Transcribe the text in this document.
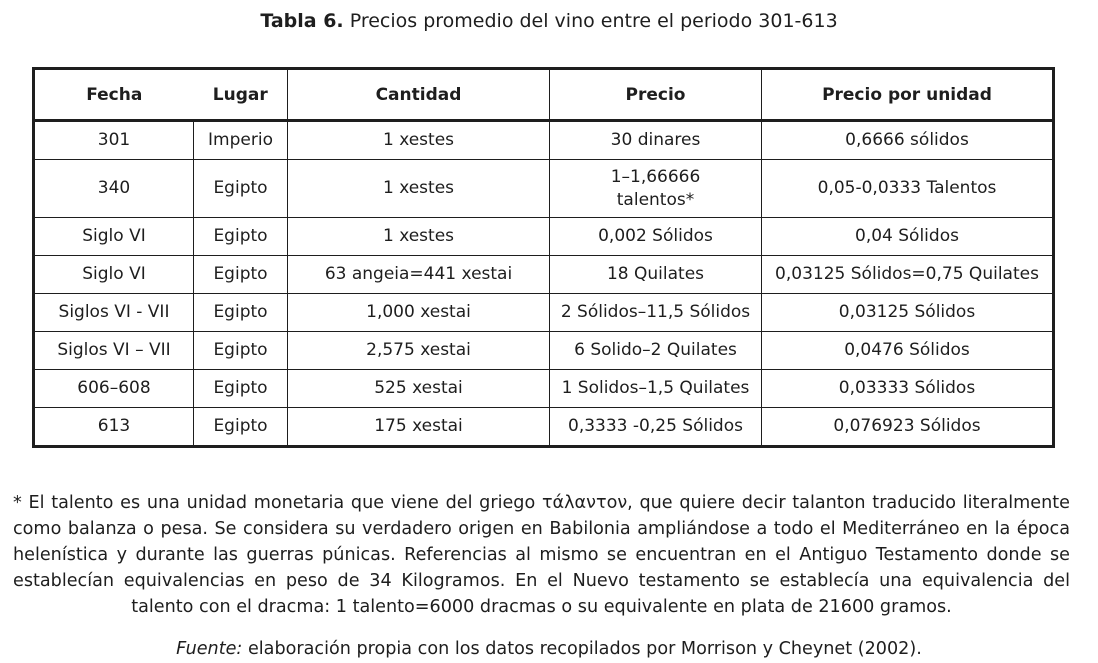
Tabla 6. Precios promedio del vino entre el periodo 301-613
Fecha	Lugar	Cantidad	Precio	Precio por unidad
301	Imperio	1 xestes	30 dinares	0,6666 sólidos
340	Egipto	1 xestes	1–1,66666 talentos*	0,05-0,0333 Talentos
Siglo VI	Egipto	1 xestes	0,002 Sólidos	0,04 Sólidos
Siglo VI	Egipto	63 angeia=441 xestai	18 Quilates	0,03125 Sólidos=0,75 Quilates
Siglos VI - VII	Egipto	1,000 xestai	2 Sólidos–11,5 Sólidos	0,03125 Sólidos
Siglos VI – VII	Egipto	2,575 xestai	6 Solido–2 Quilates	0,0476 Sólidos
606–608	Egipto	525 xestai	1 Solidos–1,5 Quilates	0,03333 Sólidos
613	Egipto	175 xestai	0,3333 -0,25 Sólidos	0,076923 Sólidos

* El talento es una unidad monetaria que viene del griego τάλαντον, que quiere decir talanton traducido literalmente como balanza o pesa. Se considera su verdadero origen en Babilonia ampliándose a todo el Mediterráneo en la época helenística y durante las guerras púnicas. Referencias al mismo se encuentran en el Antiguo Testamento donde se establecían equivalencias en peso de 34 Kilogramos. En el Nuevo testamento se establecía una equivalencia del talento con el dracma: 1 talento=6000 dracmas o su equivalente en plata de 21600 gramos.

Fuente: elaboración propia con los datos recopilados por Morrison y Cheynet (2002).
